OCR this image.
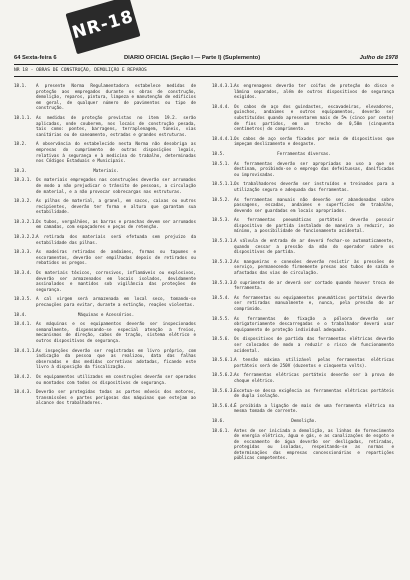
NR-18
64 Sexta-feira 6	DIARIO OFICIAL (Seção I — Parte I) (Suplemento)	Julho de 1978
NR 18 - OBRAS DE CONSTRUÇÃO, DEMOLIÇÃO E REPAROS
18.1.	A presente Norma Regulamentadora estabelece medidas de proteção aos empregados durante os obras de construção, demolição, reparos, pintura, limpeza e manutenção de edifícios em geral, de qualquer número de pavimentos ou tipo de construção.
18.1.1. As medidas de proteção previstas no item 19.2. serão aplicadas, onde couberem, nos locais de construção pesada, tais como: pontes, barragens, terraplenagem, túneis, vias sanitárias ou de saneamento, estradas e grandes estruturas.
18.2.	A observância do estabelecido nesta Norma não desobriga as empresas do cumprimento de outras disposições legais, relativas à segurança e à medicina do trabalho, determinadas nos Códigos Estaduais e Municipais.
18.3.	Materiais.
18.3.1. Os materiais empregados nas construções deverão ser arrumados de modo a não prejudicar o trânsito de pessoas, a circulação de material, e a não provocar sobrecargas nas estruturas.
18.3.2. As pilhas de material, a granel, em sacos, caixas ou outros recipientes, deverão ter forma e altura que garantam sua estabilidade.
18.3.2.1.
Os tubos, vergalhões, as barras e pranchas devem ser arrumados em camadas, com espaçadores e peças de retenção.
18.3.2.2.
A retirada dos materiais será efetuada sem prejuízo da estabilidade das pilhas.
18.3.3. As madeiras retiradas de andaimes, formas ou tapumes e escoramentos, deverão ser empilhadas depois de retirados ou rebatidos os pregos.
18.3.4. Os materiais tóxicos, corrosivos, inflamáveis ou explosivos, deverão ser armazenados em locais isolados, devidamente assinalados e mantidos sob vigilância das proteções de segurança.
18.3.5. A cal virgem será armazenada em local seco, tomando-se precauções para evitar, durante a extinção, reações violentas.
18.4.	Máquinas e Acessórios.
18.4.1. As máquinas e os equipamentos deverão ser inspecionados semanalmente, dispensando-se especial atenção a freios, mecanismos de direção, cabos de tração, sistema elétrico e outros dispositivos de segurança.
18.4.1.1.
As inspeções deverão ser registradas em livro próprio, com indicação da pessoa que as realizou, data das falhas observadas e das medidas corretivas adotadas, ficando este livro à disposição da fiscalização.
18.4.2. Os equipamentos utilizados em construções deverão ser operados ou montados com todos os dispositivos de segurança.
18.4.3. Deverão ser protegidas todas as partes móveis dos motores, transmissões e partes perigosas das máquinas que estejam ao alcance dos trabalhadores.
18.4.3.1.
As engrenagens deverão ter coifas de proteção do disco e lâmina separados, além de outros dispositivos de segurança exigidos.
18.4.4. Os cabos de aço dos guindastes, escavadeiras, elevadores, guinchos, andaimes e outros equipamentos, deverão ser substituídos quando apresentarem mais de 5% (cinco por cento) de fios partidos, em um trecho de 0,50m (cinquenta centímetros) do comprimento.
18.4.4.1.
Os cabos de aço serão fixados por meio de dispositivos que impeçam deslizamento e desgaste.
18.5.	Ferramentas diversas.
18.5.1. As ferramentas deverão ser apropriadas ao uso a que se destinam, proibindo-se o emprego das defeituosas, danificadas ou improvisadas.
18.5.1.1.
Os trabalhadores deverão ser instruídos e treinados para a utilização segura e adequada das ferramentas.
18.5.2. As ferramentas manuais não deverão ser abandonadas sobre passagens, escadas, andaimes e superfícies de trabalho, devendo ser guardadas em locais apropriados.
18.5.3. As ferramentas pneumáticas portáteis deverão possuir dispositivo de partida instalado de maneira a reduzir, ao mínimo, a possibilidade de funcionamento acidental.
18.5.3.1.
A válvula de entrada de ar deverá fechar-se automaticamente, quando cessar a pressão da mão do operador sobre os dispositivos de partida.
18.5.3.2.
As mangueiras e conexões deverão resistir às pressões de serviço, permanecendo firmemente presas aos tubos de saída e afastadas das vias de circulação.
18.5.3.3.
O suprimento de ar deverá ser cortado quando houver troca de ferramenta.
18.5.4. As ferramentas ou equipamentos pneumáticos portáteis deverão ser retiradas manualmente e, nunca, pela pressão do ar comprimido.
18.5.5. As ferramentas de fixação a pólvora deverão ser obrigatoriamente descarregadas e o trabalhador deverá usar equipamento de proteção individual adequado.
18.5.6. Os dispositivos de partida das ferramentas elétricas deverão ser colocados de modo a reduzir o risco de funcionamento acidental.
18.5.6.1.
A tensão máxima utilizável pelas ferramentas elétricas portáteis será de 250V (duzentos e cinquenta volts).
18.5.6.2.
As ferramentas elétricas portáteis deverão ser à prova de choque elétrico.
18.5.6.3.
Excetua-se dessa exigência as ferramentas elétricas portáteis de dupla isolação.
18.5.6.4.
É proibida a ligação de mais de uma ferramenta elétrica na mesma tomada de corrente.
18.6.	Demolição.
18.6.1. Antes de ser iniciada a demolição, as linhas de fornecimento de energia elétrica, água e gás, e as canalizações de esgoto e de escoamento de água deverão ser desligadas, retiradas, protegidas ou isoladas, respeitando-se as normas e determinações das empresas concessionárias e repartições públicas competentes.
